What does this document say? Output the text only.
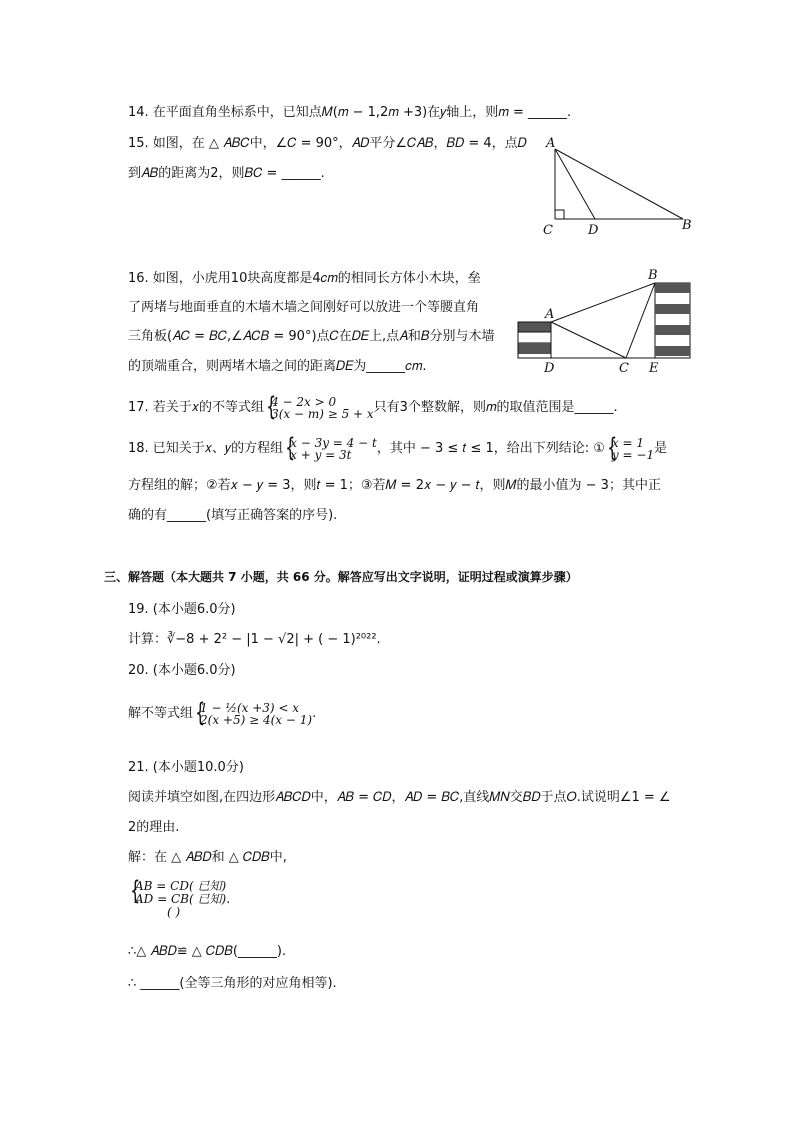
14. 在平面直角坐标系中，已知点𝑀(𝑚 − 1,2𝑚 +3)在𝑦轴上，则𝑚 = ______.
15. 如图，在 △ 𝐴𝐵𝐶中，∠𝐶 = 90°，𝐴𝐷平分∠𝐶𝐴𝐵，𝐵𝐷 = 4，点𝐷
到𝐴𝐵的距离为2，则𝐵𝐶 = ______.
A
B
C	D
16. 如图，小虎用10块高度都是4𝑐𝑚的相同长方体小木块，垒
了两堵与地面垂直的木墙木墙之间刚好可以放进一个等腰直角
三角板(𝐴𝐶 = 𝐵𝐶,∠𝐴𝐶𝐵 = 90°)点𝐶在𝐷𝐸上,点𝐴和𝐵分别与木墙
的顶端重合，则两堵木墙之间的距离𝐷𝐸为______𝑐𝑚.
A
B
C
D	E
17. 若关于𝑥的不等式组 { 4 − 2𝑥 > 0
3(𝑥 − 𝑚) ≥ 5 + 𝑥 只有3个整数解，则𝑚的取值范围是______.
18. 已知关于𝑥、𝑦的方程组 { 𝑥 − 3𝑦 = 4 − 𝑡
𝑥 + 𝑦 = 3𝑡	，其中 − 3 ≤ 𝑡 ≤ 1，给出下列结论: ① { 𝑥 = 1
𝑦 = −1 是
方程组的解；②若𝑥 − 𝑦 = 3，则𝑡 = 1；③若𝑀 = 2𝑥 − 𝑦 − 𝑡，则𝑀的最小值为 − 3；其中正
确的有______(填写正确答案的序号).
三、解答题（本大题共 7 小题，共 66 分。解答应写出文字说明，证明过程或演算步骤）
19. (本小题6.0分)
计算：∛−8 + 2² − |1 − √2| + ( − 1)²⁰²².
20. (本小题6.0分)
解不等式组 { 1 − ½(𝑥 +3) < 𝑥
2(𝑥 +5) ≥ 4(𝑥 − 1) .
21. (本小题10.0分)
阅读并填空如图,在四边形𝐴𝐵𝐶𝐷中，𝐴𝐵 = 𝐶𝐷，𝐴𝐷 = 𝐵𝐶,直线𝑀𝑁交𝐵𝐷于点𝑂.试说明∠1 = ∠
2的理由.
解：在 △ 𝐴𝐵𝐷和 △ 𝐶𝐷𝐵中,
{ 𝐴𝐵 = 𝐶𝐷( 已知)
𝐴𝐷 = 𝐶𝐵( 已知)
( )
.
∴△ 𝐴𝐵𝐷≌ △ 𝐶𝐷𝐵(______).
∴ ______(全等三角形的对应角相等).
